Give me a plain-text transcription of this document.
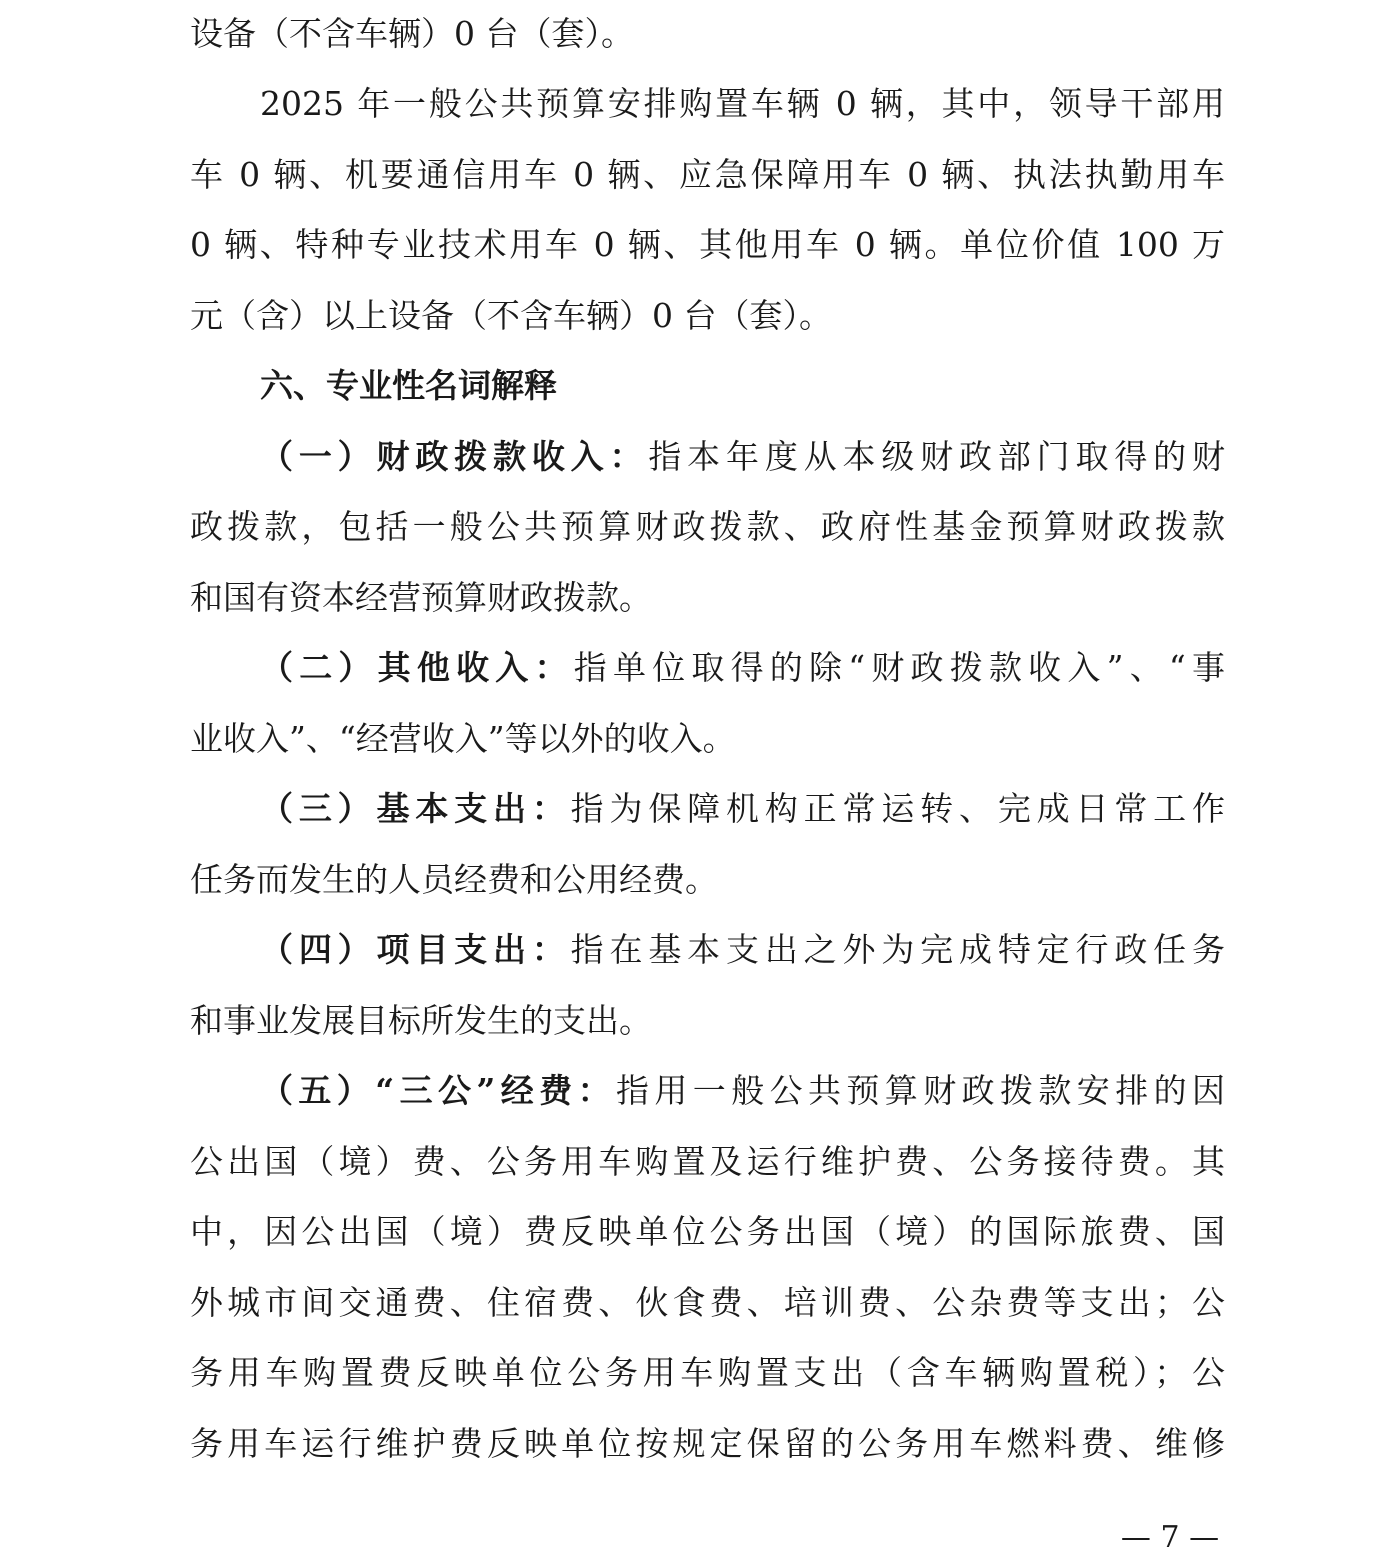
设备（不含车辆）0 台（套）。
2025 年一般公共预算安排购置车辆 0 辆，其中，领导干部用
车 0 辆、机要通信用车 0 辆、应急保障用车 0 辆、执法执勤用车
0 辆、特种专业技术用车 0 辆、其他用车 0 辆。单位价值 100 万
元（含）以上设备（不含车辆）0 台（套）。
六、专业性名词解释
（一）财政拨款收入：指本年度从本级财政部门取得的财
政拨款，包括一般公共预算财政拨款、政府性基金预算财政拨款
和国有资本经营预算财政拨款。
（二）其他收入：指单位取得的除“财政拨款收入”、“事
业收入”、“经营收入”等以外的收入。
（三）基本支出：指为保障机构正常运转、完成日常工作
任务而发生的人员经费和公用经费。
（四）项目支出：指在基本支出之外为完成特定行政任务
和事业发展目标所发生的支出。
（五）“三公”经费：指用一般公共预算财政拨款安排的因
公出国（境）费、公务用车购置及运行维护费、公务接待费。其
中，因公出国（境）费反映单位公务出国（境）的国际旅费、国
外城市间交通费、住宿费、伙食费、培训费、公杂费等支出；公
务用车购置费反映单位公务用车购置支出（含车辆购置税）；公
务用车运行维护费反映单位按规定保留的公务用车燃料费、维修
— 7 —
